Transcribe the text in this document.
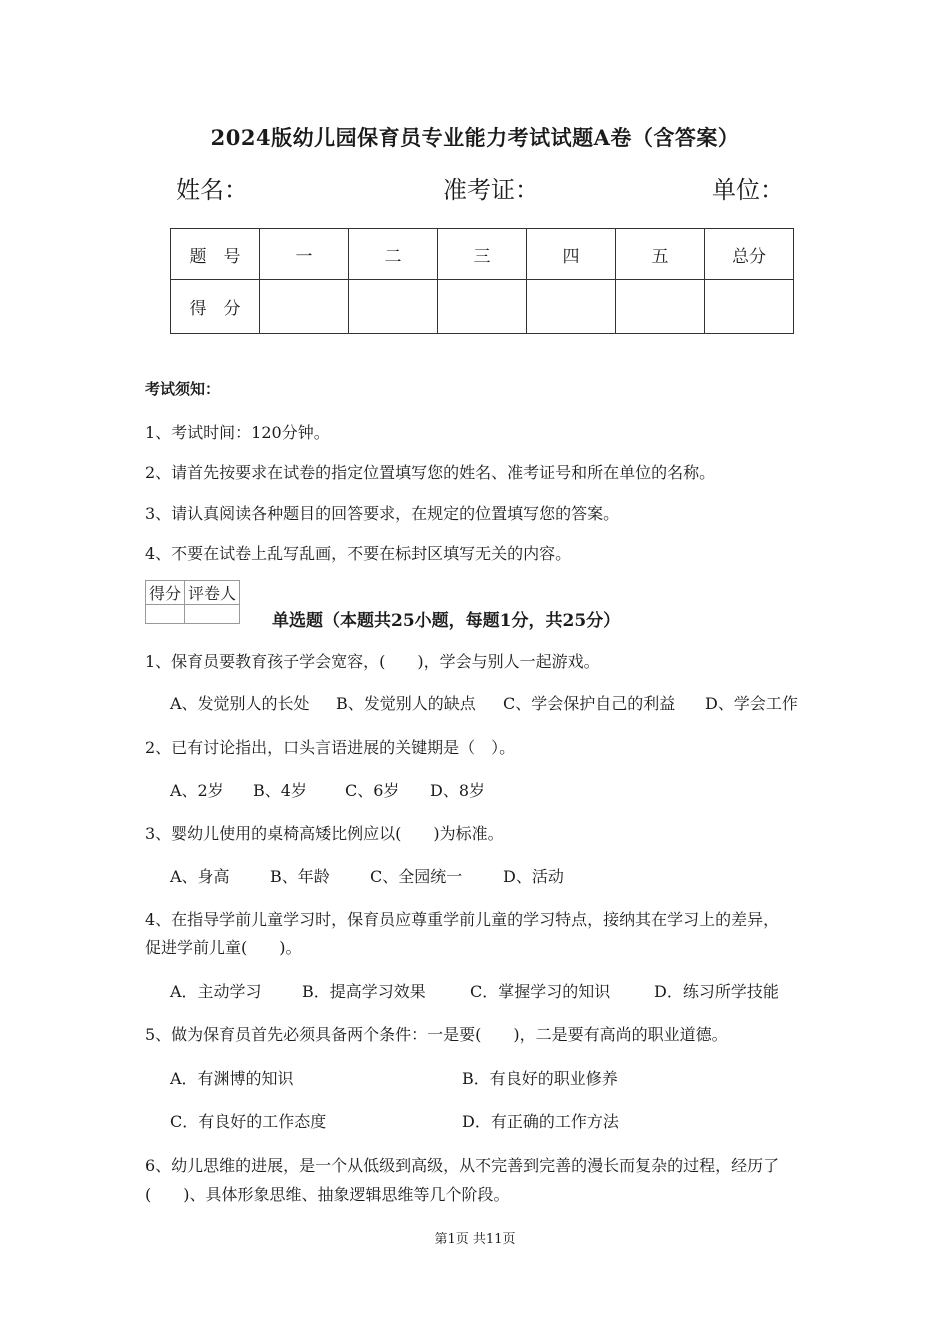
2024版幼儿园保育员专业能力考试试题A卷（含答案）
姓名：	准考证：	单位：
题　号	一	二	三	四	五	总分
得　分						
考试须知：
1、考试时间：120分钟。
2、请首先按要求在试卷的指定位置填写您的姓名、准考证号和所在单位的名称。
3、请认真阅读各种题目的回答要求，在规定的位置填写您的答案。
4、不要在试卷上乱写乱画，不要在标封区填写无关的内容。
得分	评卷人

单选题（本题共25小题，每题1分，共25分）
1、保育员要教育孩子学会宽容，(　　)，学会与别人一起游戏。
A、发觉别人的长处 B、发觉别人的缺点 C、学会保护自己的利益 D、学会工作
2、已有讨论指出，口头言语进展的关键期是（　）。
A、2岁 B、4岁 C、6岁 D、8岁
3、婴幼儿使用的桌椅高矮比例应以(　　)为标准。
A、身高	B、年龄	C、全园统一	D、活动
4、在指导学前儿童学习时，保育员应尊重学前儿童的学习特点，接纳其在学习上的差异，
促进学前儿童(　　)。
A．主动学习	B．提高学习效果	C．掌握学习的知识	D．练习所学技能
5、做为保育员首先必须具备两个条件：一是要(　　)，二是要有高尚的职业道德。
A．有渊博的知识	B．有良好的职业修养
C．有良好的工作态度	D．有正确的工作方法
6、幼儿思维的进展，是一个从低级到高级，从不完善到完善的漫长而复杂的过程，经历了
(　　)、具体形象思维、抽象逻辑思维等几个阶段。
第1页 共11页
